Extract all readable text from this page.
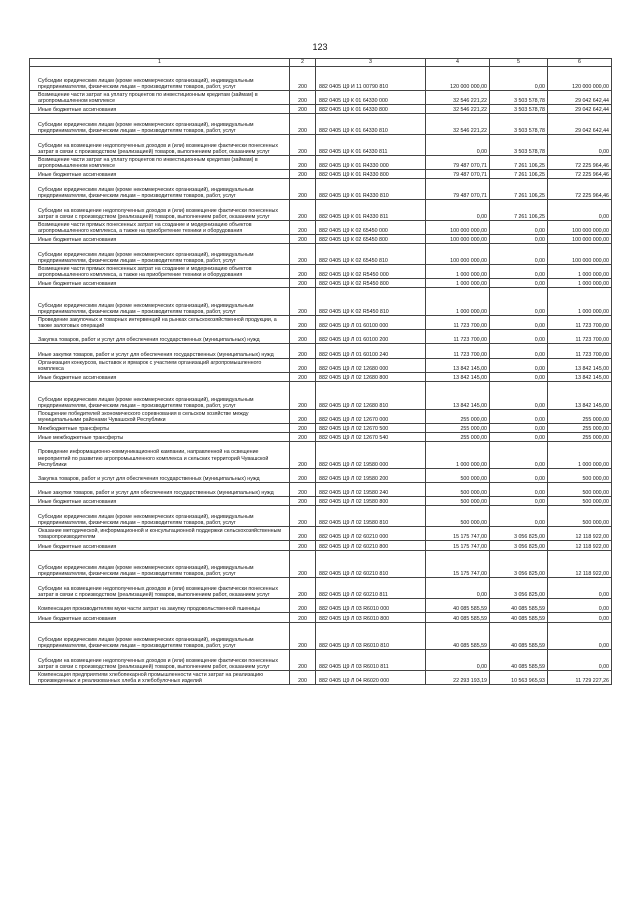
123
1	2	3	4	5	6
Субсидии юридическим лицам (кроме некоммерческих организаций), индивидуальным предпринимателям, физическим лицам – производителям товаров, работ, услуг	200	882 0405 Ц9 И 11 00790 810	120 000 000,00	0,00	120 000 000,00
Возмещение части затрат на уплату процентов по инвестиционным кредитам (займам) в агропромышленном комплексе	200	882 0405 Ц9 К 01 64330 000	32 546 221,22	3 503 578,78	29 042 642,44
Иные бюджетные ассигнования	200	882 0405 Ц9 К 01 64330 800	32 546 221,22	3 503 578,78	29 042 642,44
Субсидии юридическим лицам (кроме некоммерческих организаций), индивидуальным предпринимателям, физическим лицам – производителям товаров, работ, услуг	200	882 0405 Ц9 К 01 64330 810	32 546 221,22	3 503 578,78	29 042 642,44
Субсидии на возмещение недополученных доходов и (или) возмещение фактически понесенных затрат в связи с производством (реализацией) товаров, выполнением работ, оказанием услуг	200	882 0405 Ц9 К 01 64330 811	0,00	3 503 578,78	0,00
Возмещение части затрат на уплату процентов по инвестиционным кредитам (займам) в агропромышленном комплексе	200	882 0405 Ц9 К 01 R4330 000	79 487 070,71	7 261 106,25	72 225 964,46
Иные бюджетные ассигнования	200	882 0405 Ц9 К 01 R4330 800	79 487 070,71	7 261 106,25	72 225 964,46
Субсидии юридическим лицам (кроме некоммерческих организаций), индивидуальным предпринимателям, физическим лицам – производителям товаров, работ, услуг	200	882 0405 Ц9 К 01 R4330 810	79 487 070,71	7 261 106,25	72 225 964,46
Субсидии на возмещение недополученных доходов и (или) возмещение фактически понесенных затрат в связи с производством (реализацией) товаров, выполнением работ, оказанием услуг	200	882 0405 Ц9 К 01 R4330 811	0,00	7 261 106,25	0,00
Возмещение части прямых понесенных затрат на создание и модернизацию объектов агропромышленного комплекса, а также на приобретение техники и оборудования	200	882 0405 Ц9 К 02 65450 000	100 000 000,00	0,00	100 000 000,00
Иные бюджетные ассигнования	200	882 0405 Ц9 К 02 65450 800	100 000 000,00	0,00	100 000 000,00
Субсидии юридическим лицам (кроме некоммерческих организаций), индивидуальным предпринимателям, физическим лицам – производителям товаров, работ, услуг	200	882 0405 Ц9 К 02 65450 810	100 000 000,00	0,00	100 000 000,00
Возмещение части прямых понесенных затрат на создание и модернизацию объектов агропромышленного комплекса, а также на приобретение техники и оборудования	200	882 0405 Ц9 К 02 R5450 000	1 000 000,00	0,00	1 000 000,00
Иные бюджетные ассигнования	200	882 0405 Ц9 К 02 R5450 800	1 000 000,00	0,00	1 000 000,00
Субсидии юридическим лицам (кроме некоммерческих организаций), индивидуальным предпринимателям, физическим лицам – производителям товаров, работ, услуг	200	882 0405 Ц9 К 02 R5450 810	1 000 000,00	0,00	1 000 000,00
Проведение закупочных и товарных интервенций на рынках сельскохозяйственной продукции, а также залоговых операций	200	882 0405 Ц9 Л 01 60100 000	11 723 700,00	0,00	11 723 700,00
Закупка товаров, работ и услуг для обеспечения государственных (муниципальных) нужд	200	882 0405 Ц9 Л 01 60100 200	11 723 700,00	0,00	11 723 700,00
Иные закупки товаров, работ и услуг для обеспечения государственных (муниципальных) нужд	200	882 0405 Ц9 Л 01 60100 240	11 723 700,00	0,00	11 723 700,00
Организация конкурсов, выставок и ярмарок с участием организаций агропромышленного комплекса	200	882 0405 Ц9 Л 02 12680 000	13 842 145,00	0,00	13 842 145,00
Иные бюджетные ассигнования	200	882 0405 Ц9 Л 02 12680 800	13 842 145,00	0,00	13 842 145,00
Субсидии юридическим лицам (кроме некоммерческих организаций), индивидуальным предпринимателям, физическим лицам – производителям товаров, работ, услуг	200	882 0405 Ц9 Л 02 12680 810	13 842 145,00	0,00	13 842 145,00
Поощрение победителей экономического соревнования в сельском хозяйстве между муниципальными районами Чувашской Республики	200	882 0405 Ц9 Л 02 12670 000	255 000,00	0,00	255 000,00
Межбюджетные трансферты	200	882 0405 Ц9 Л 02 12670 500	255 000,00	0,00	255 000,00
Иные межбюджетные трансферты	200	882 0405 Ц9 Л 02 12670 540	255 000,00	0,00	255 000,00
Проведение информационно-коммуникационной кампании, направленной на освещение мероприятий по развитию агропромышленного комплекса и сельских территорий Чувашской Республики	200	882 0405 Ц9 Л 02 19580 000	1 000 000,00	0,00	1 000 000,00
Закупка товаров, работ и услуг для обеспечения государственных (муниципальных) нужд	200	882 0405 Ц9 Л 02 19580 200	500 000,00	0,00	500 000,00
Иные закупки товаров, работ и услуг для обеспечения государственных (муниципальных) нужд	200	882 0405 Ц9 Л 02 19580 240	500 000,00	0,00	500 000,00
Иные бюджетные ассигнования	200	882 0405 Ц9 Л 02 19580 800	500 000,00	0,00	500 000,00
Субсидии юридическим лицам (кроме некоммерческих организаций), индивидуальным предпринимателям, физическим лицам – производителям товаров, работ, услуг	200	882 0405 Ц9 Л 02 19580 810	500 000,00	0,00	500 000,00
Оказание методической, информационной и консультационной поддержки сельскохозяйственным товаропроизводителям	200	882 0405 Ц9 Л 02 60210 000	15 175 747,00	3 056 825,00	12 118 922,00
Иные бюджетные ассигнования	200	882 0405 Ц9 Л 02 60210 800	15 175 747,00	3 056 825,00	12 118 922,00
Субсидии юридическим лицам (кроме некоммерческих организаций), индивидуальным предпринимателям, физическим лицам – производителям товаров, работ, услуг	200	882 0405 Ц9 Л 02 60210 810	15 175 747,00	3 056 825,00	12 118 922,00
Субсидии на возмещение недополученных доходов и (или) возмещение фактически понесенных затрат в связи с производством (реализацией) товаров, выполнением работ, оказанием услуг	200	882 0405 Ц9 Л 02 60210 811	0,00	3 056 825,00	0,00
Компенсация производителям муки части затрат на закупку продовольственной пшеницы	200	882 0405 Ц9 Л 03 R6010 000	40 085 585,59	40 085 585,59	0,00
Иные бюджетные ассигнования	200	882 0405 Ц9 Л 03 R6010 800	40 085 585,59	40 085 585,59	0,00
Субсидии юридическим лицам (кроме некоммерческих организаций), индивидуальным предпринимателям, физическим лицам – производителям товаров, работ, услуг	200	882 0405 Ц9 Л 03 R6010 810	40 085 585,59	40 085 585,59	0,00
Субсидии на возмещение недополученных доходов и (или) возмещение фактически понесенных затрат в связи с производством (реализацией) товаров, выполнением работ, оказанием услуг	200	882 0405 Ц9 Л 03 R6010 811	0,00	40 085 585,59	0,00
Компенсация предприятиям хлебопекарной промышленности части затрат на реализацию произведенных и реализованных хлеба и хлебобулочных изделий	200	882 0405 Ц9 Л 04 R6020 000	22 293 193,19	10 563 965,93	11 729 227,26
